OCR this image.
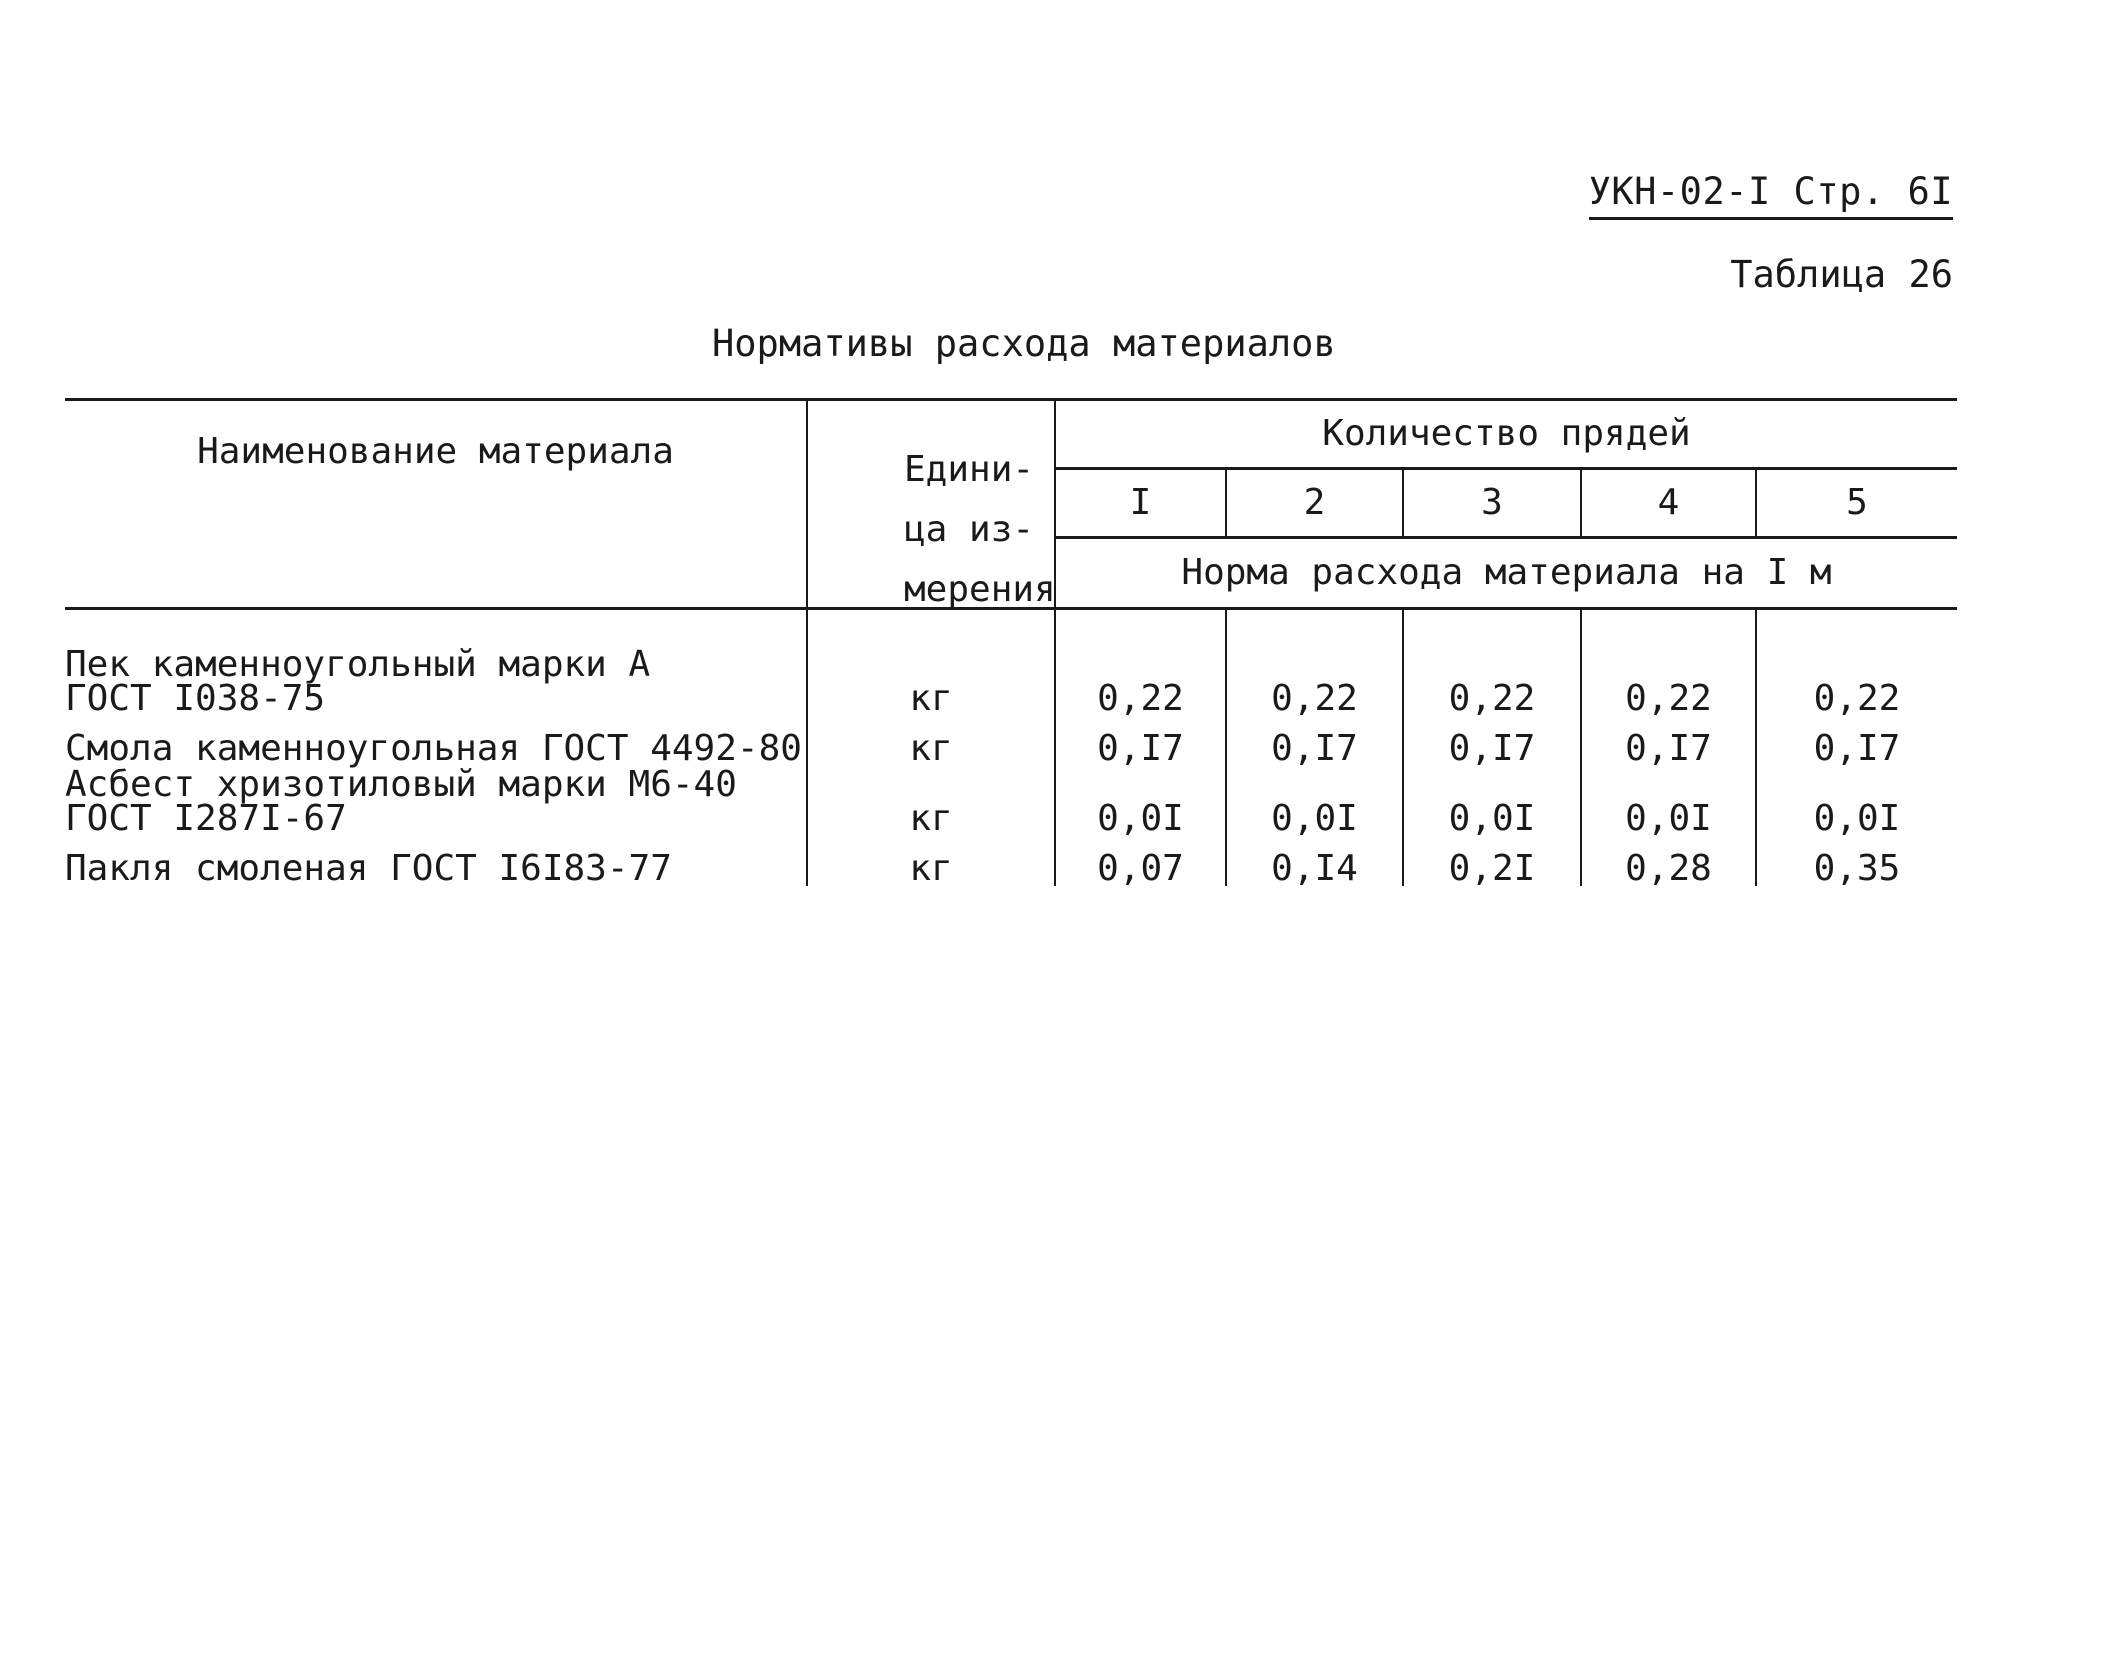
УКН-02-I Стр. 6I
Таблица 26
Нормативы расхода материалов
Наименование материала	Едини-
ца из-
мерения	Количество прядей				
		I	2	3	4	5
		Норма расхода материала на I м				

Пек каменноугольный марки А
ГОСТ I038-75	кг	0,22	0,22	0,22	0,22	0,22

Смола каменноугольная ГОСТ 4492-80	кг	0,I7	0,I7	0,I7	0,I7	0,I7

Асбест хризотиловый марки М6-40
ГОСТ I287I-67	кг	0,0I	0,0I	0,0I	0,0I	0,0I

Пакля смоленая ГОСТ I6I83-77	кг	0,07	0,I4	0,2I	0,28	0,35
